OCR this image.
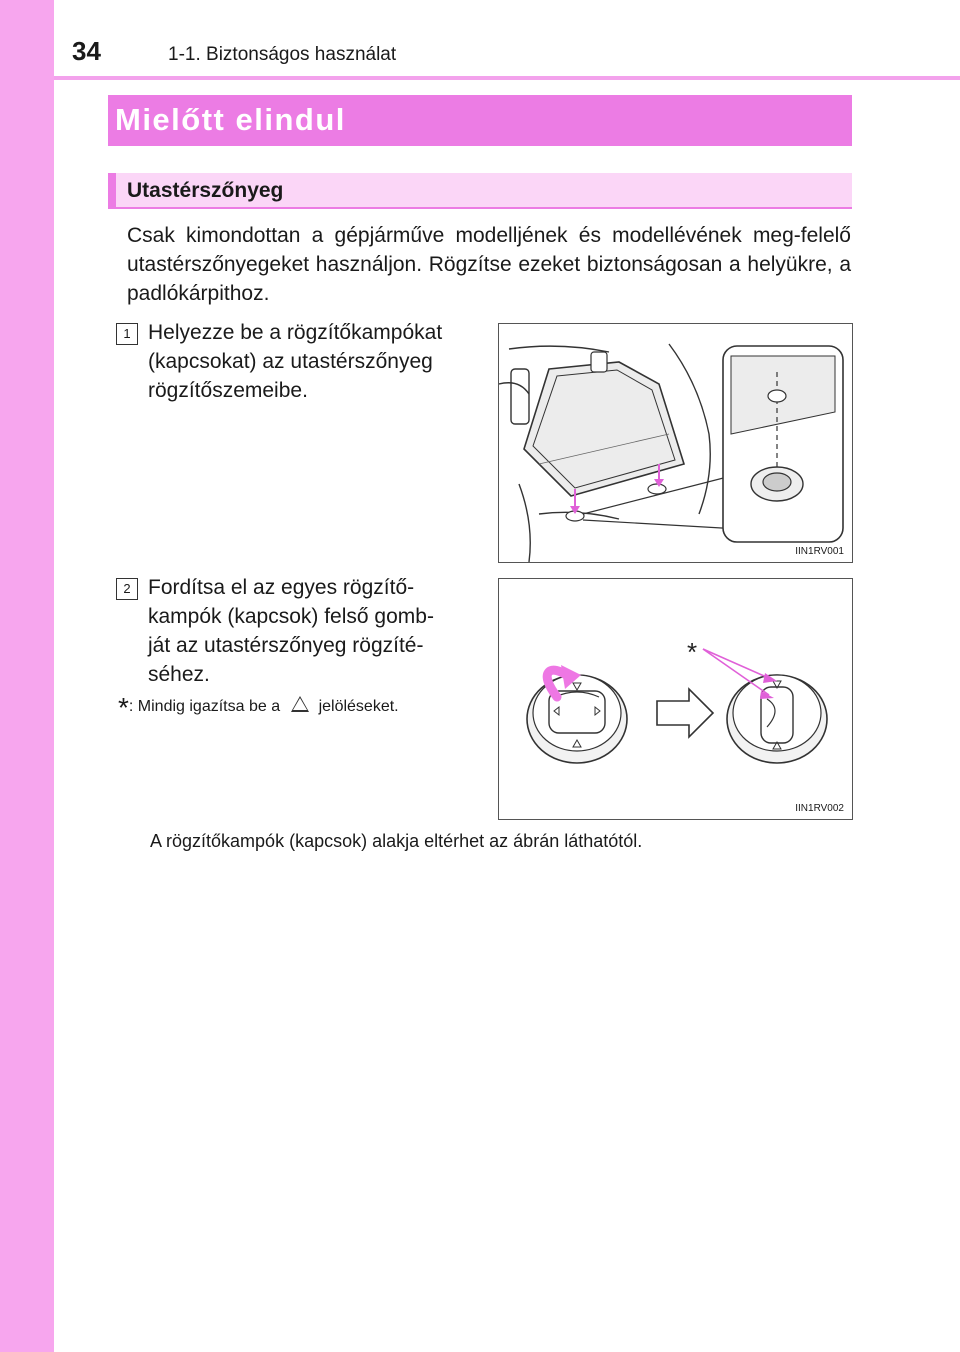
34	1-1. Biztonságos használat
Mielőtt elindul
Utastérszőnyeg
Csak kimondottan a gépjárműve modelljének és modellévének meg-felelő utastérszőnyegeket használjon. Rögzítse ezeket biztonságosan a helyükre, a padlókárpithoz.
1 Helyezze be a rögzítőkampókat
(kapcsokat) az utastérszőnyeg
rögzítőszemeibe.
2 Fordítsa el az egyes rögzítő-
kampók (kapcsok) felső gomb-
ját az utastérszőnyeg rögzíté-
séhez.
*: Mindig igazítsa be a jelöléseket.
IIN1RV001
*
IIN1RV002
A rögzítőkampók (kapcsok) alakja eltérhet az ábrán láthatótól.
